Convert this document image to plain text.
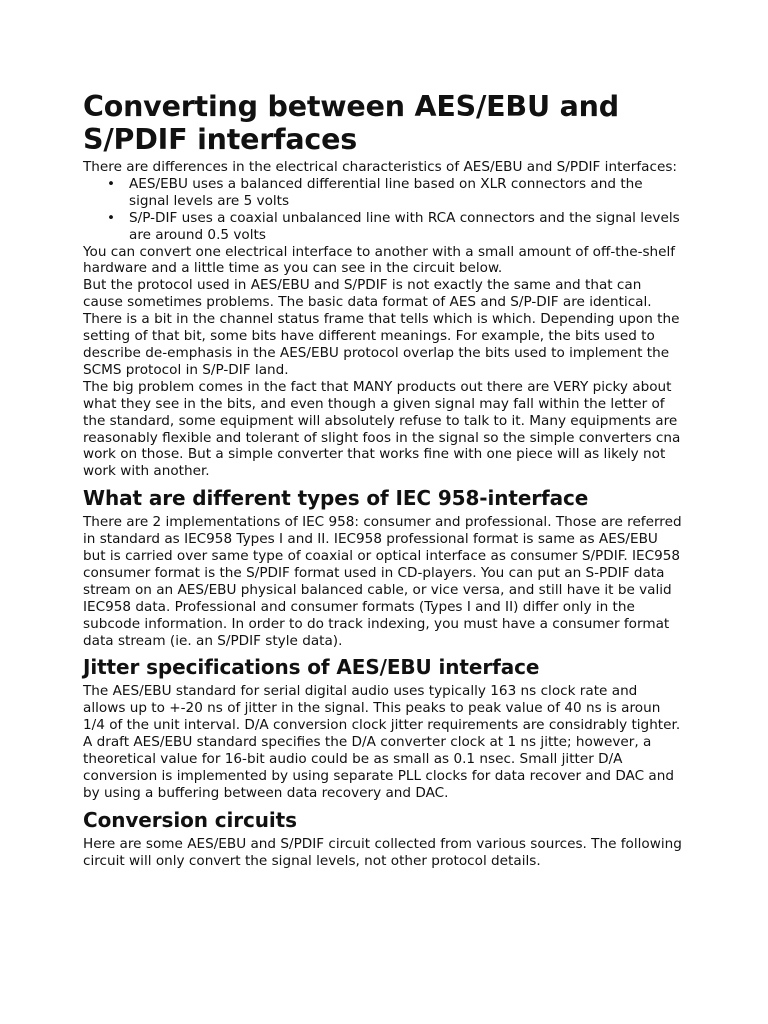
Converting between AES/EBU and S/PDIF interfaces

There are differences in the electrical characteristics of AES/EBU and S/PDIF interfaces:

• AES/EBU uses a balanced differential line based on XLR connectors and the signal levels are 5 volts
• S/P-DIF uses a coaxial unbalanced line with RCA connectors and the signal levels are around 0.5 volts

You can convert one electrical interface to another with a small amount of off-the-shelf hardware and a little time as you can see in the circuit below.

But the protocol used in AES/EBU and S/PDIF is not exactly the same and that can cause sometimes problems. The basic data format of AES and S/P-DIF are identical. There is a bit in the channel status frame that tells which is which. Depending upon the setting of that bit, some bits have different meanings. For example, the bits used to describe de-emphasis in the AES/EBU protocol overlap the bits used to implement the SCMS protocol in S/P-DIF land.

The big problem comes in the fact that MANY products out there are VERY picky about what they see in the bits, and even though a given signal may fall within the letter of the standard, some equipment will absolutely refuse to talk to it. Many equipments are reasonably flexible and tolerant of slight foos in the signal so the simple converters cna work on those. But a simple converter that works fine with one piece will as likely not work with another.

What are different types of IEC 958-interface

There are 2 implementations of IEC 958: consumer and professional. Those are referred in standard as IEC958 Types I and II. IEC958 professional format is same as AES/EBU but is carried over same type of coaxial or optical interface as consumer S/PDIF. IEC958 consumer format is the S/PDIF format used in CD-players. You can put an S-PDIF data stream on an AES/EBU physical balanced cable, or vice versa, and still have it be valid IEC958 data. Professional and consumer formats (Types I and II) differ only in the subcode information. In order to do track indexing, you must have a consumer format data stream (ie. an S/PDIF style data).

Jitter specifications of AES/EBU interface

The AES/EBU standard for serial digital audio uses typically 163 ns clock rate and allows up to +-20 ns of jitter in the signal. This peaks to peak value of 40 ns is aroun 1/4 of the unit interval. D/A conversion clock jitter requirements are considrably tighter. A draft AES/EBU standard specifies the D/A converter clock at 1 ns jitte; however, a theoretical value for 16-bit audio could be as small as 0.1 nsec. Small jitter D/A conversion is implemented by using separate PLL clocks for data recover and DAC and by using a buffering between data recovery and DAC.

Conversion circuits

Here are some AES/EBU and S/PDIF circuit collected from various sources. The following circuit will only convert the signal levels, not other protocol details.
